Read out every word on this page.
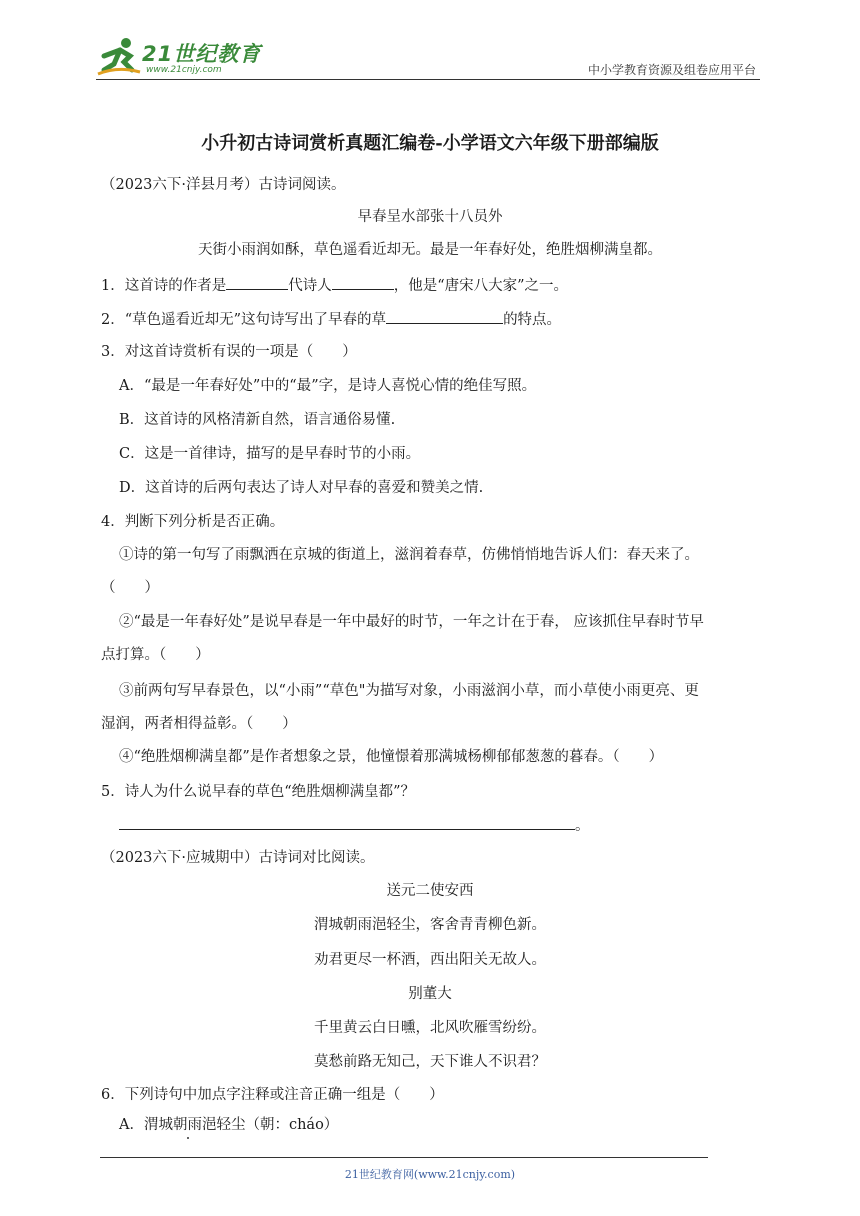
21世纪教育
www.21cnjy.com	中小学教育资源及组卷应用平台
小升初古诗词赏析真题汇编卷-小学语文六年级下册部编版
（2023六下·洋县月考）古诗词阅读。
早春呈水部张十八员外
天街小雨润如酥，草色遥看近却无。最是一年春好处，绝胜烟柳满皇都。
1．这首诗的作者是	代诗人	，他是“唐宋八大家”之一。
2．“草色遥看近却无”这句诗写出了早春的草	的特点。
3．对这首诗赏析有误的一项是（　　）
A．“最是一年春好处”中的“最”字，是诗人喜悦心情的绝佳写照。
B．这首诗的风格清新自然，语言通俗易懂.
C．这是一首律诗，描写的是早春时节的小雨。
D．这首诗的后两句表达了诗人对早春的喜爱和赞美之情.
4．判断下列分析是否正确。
①诗的第一句写了雨飘洒在京城的街道上，滋润着春草，仿佛悄悄地告诉人们：春天来了。
（　　）
②“最是一年春好处”是说早春是一年中最好的时节，一年之计在于春， 应该抓住早春时节早
点打算。（　　）
③前两句写早春景色，以“小雨”“草色"为描写对象，小雨滋润小草，而小草使小雨更亮、更
湿润，两者相得益彰。（　　）
④“绝胜烟柳满皇都”是作者想象之景，他憧憬着那满城杨柳郁郁葱葱的暮春。（　　）
5．诗人为什么说早春的草色“绝胜烟柳满皇都”？
。
（2023六下·应城期中）古诗词对比阅读。
送元二使安西
渭城朝雨浥轻尘，客舍青青柳色新。
劝君更尽一杯酒，西出阳关无故人。
别董大
千里黄云白日曛，北风吹雁雪纷纷。
莫愁前路无知己，天下谁人不识君？
6．下列诗句中加点字注释或注音正确一组是（　　）
A．渭城朝雨浥轻尘（朝：cháo）
21世纪教育网(www.21cnjy.com)
